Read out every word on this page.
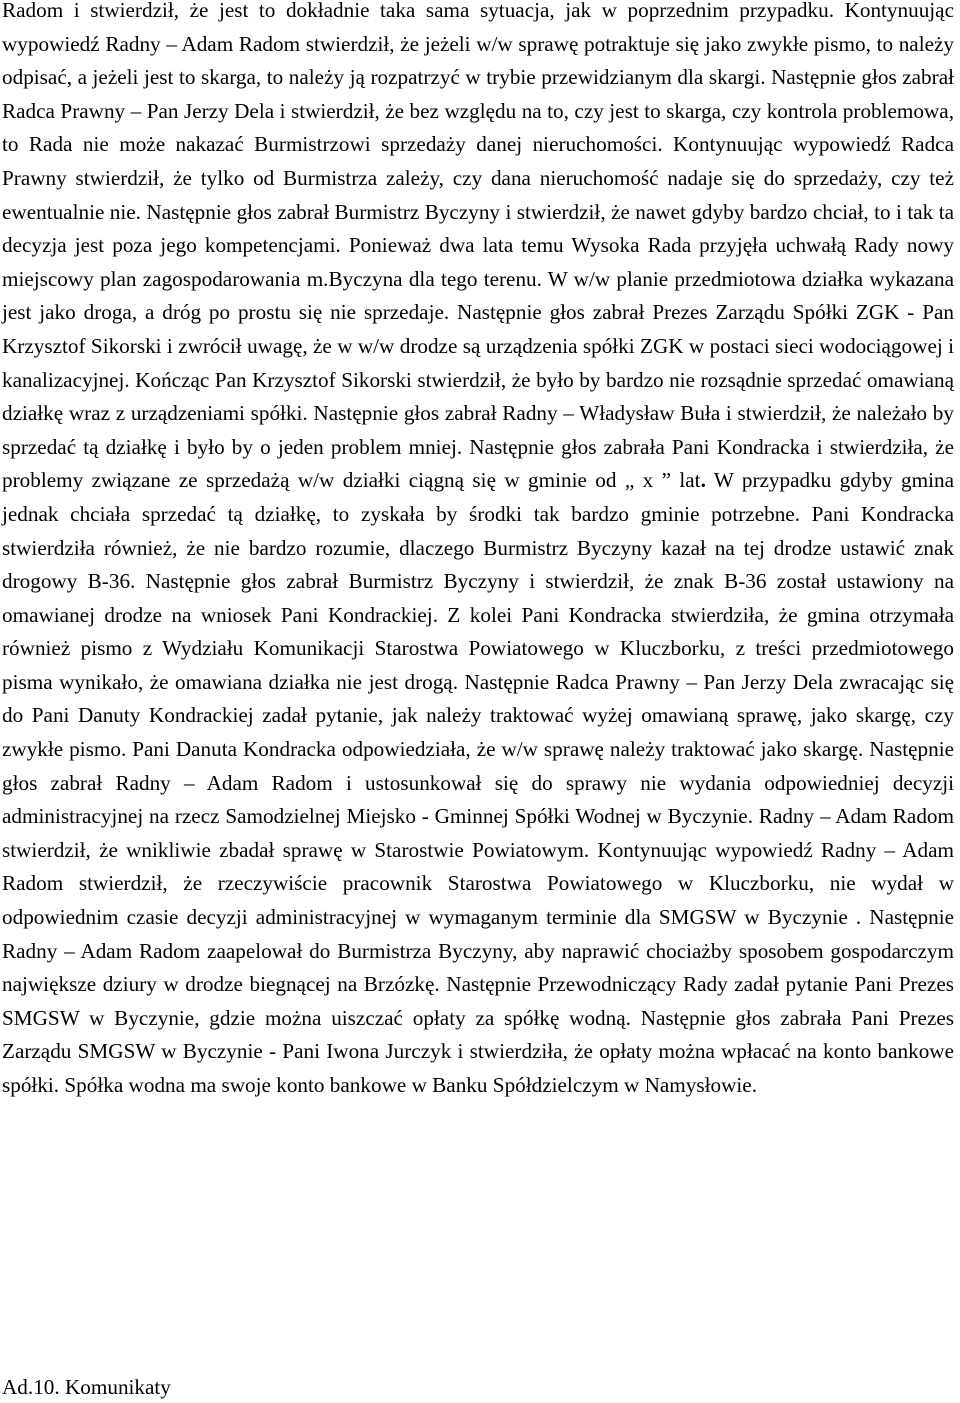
Radom i stwierdził, że jest to dokładnie taka sama sytuacja, jak w poprzednim przypadku. Kontynuując wypowiedź Radny – Adam Radom stwierdził, że jeżeli w/w sprawę potraktuje się jako zwykłe pismo, to należy odpisać, a jeżeli jest to skarga, to należy ją rozpatrzyć w trybie przewidzianym dla skargi. Następnie głos zabrał Radca Prawny – Pan Jerzy Dela i stwierdził, że bez względu na to, czy jest to skarga, czy kontrola problemowa, to Rada nie może nakazać Burmistrzowi sprzedaży danej nieruchomości. Kontynuując wypowiedź Radca Prawny stwierdził, że tylko od Burmistrza zależy, czy dana nieruchomość nadaje się do sprzedaży, czy też ewentualnie nie. Następnie głos zabrał Burmistrz Byczyny i stwierdził, że nawet gdyby bardzo chciał, to i tak ta decyzja jest poza jego kompetencjami. Ponieważ dwa lata temu Wysoka Rada przyjęła uchwałą Rady nowy miejscowy plan zagospodarowania m.Byczyna dla tego terenu. W w/w planie przedmiotowa działka wykazana jest jako droga, a dróg po prostu się nie sprzedaje. Następnie głos zabrał Prezes Zarządu Spółki ZGK - Pan Krzysztof Sikorski i zwrócił uwagę, że w w/w drodze są urządzenia spółki ZGK w postaci sieci wodociągowej i kanalizacyjnej. Kończąc Pan Krzysztof Sikorski stwierdził, że było by bardzo nie rozsądnie sprzedać omawianą działkę wraz z urządzeniami spółki. Następnie głos zabrał Radny – Władysław Buła i stwierdził, że należało by sprzedać tą działkę i było by o jeden problem mniej. Następnie głos zabrała Pani Kondracka i stwierdziła, że problemy związane ze sprzedażą w/w działki ciągną się w gminie od „ x ” lat. W przypadku gdyby gmina jednak chciała sprzedać tą działkę, to zyskała by środki tak bardzo gminie potrzebne. Pani Kondracka stwierdziła również, że nie bardzo rozumie, dlaczego Burmistrz Byczyny kazał na tej drodze ustawić znak drogowy B-36. Następnie głos zabrał Burmistrz Byczyny i stwierdził, że znak B-36 został ustawiony na omawianej drodze na wniosek Pani Kondrackiej. Z kolei Pani Kondracka stwierdziła, że gmina otrzymała również pismo z Wydziału Komunikacji Starostwa Powiatowego w Kluczborku, z treści przedmiotowego pisma wynikało, że omawiana działka nie jest drogą. Następnie Radca Prawny – Pan Jerzy Dela zwracając się do Pani Danuty Kondrackiej zadał pytanie, jak należy traktować wyżej omawianą sprawę, jako skargę, czy zwykłe pismo. Pani Danuta Kondracka odpowiedziała, że w/w sprawę należy traktować jako skargę. Następnie głos zabrał Radny – Adam Radom i ustosunkował się do sprawy nie wydania odpowiedniej decyzji administracyjnej na rzecz Samodzielnej Miejsko - Gminnej Spółki Wodnej w Byczynie. Radny – Adam Radom stwierdził, że wnikliwie zbadał sprawę w Starostwie Powiatowym. Kontynuując wypowiedź Radny – Adam Radom stwierdził, że rzeczywiście pracownik Starostwa Powiatowego w Kluczborku, nie wydał w odpowiednim czasie decyzji administracyjnej w wymaganym terminie dla SMGSW w Byczynie . Następnie Radny – Adam Radom zaapelował do Burmistrza Byczyny, aby naprawić chociażby sposobem gospodarczym największe dziury w drodze biegnącej na Brzózkę. Następnie Przewodniczący Rady zadał pytanie Pani Prezes SMGSW w Byczynie, gdzie można uiszczać opłaty za spółkę wodną. Następnie głos zabrała Pani Prezes Zarządu SMGSW w Byczynie - Pani Iwona Jurczyk i stwierdziła, że opłaty można wpłacać na konto bankowe spółki. Spółka wodna ma swoje konto bankowe w Banku Spółdzielczym w Namysłowie.

Ad.10. Komunikaty
